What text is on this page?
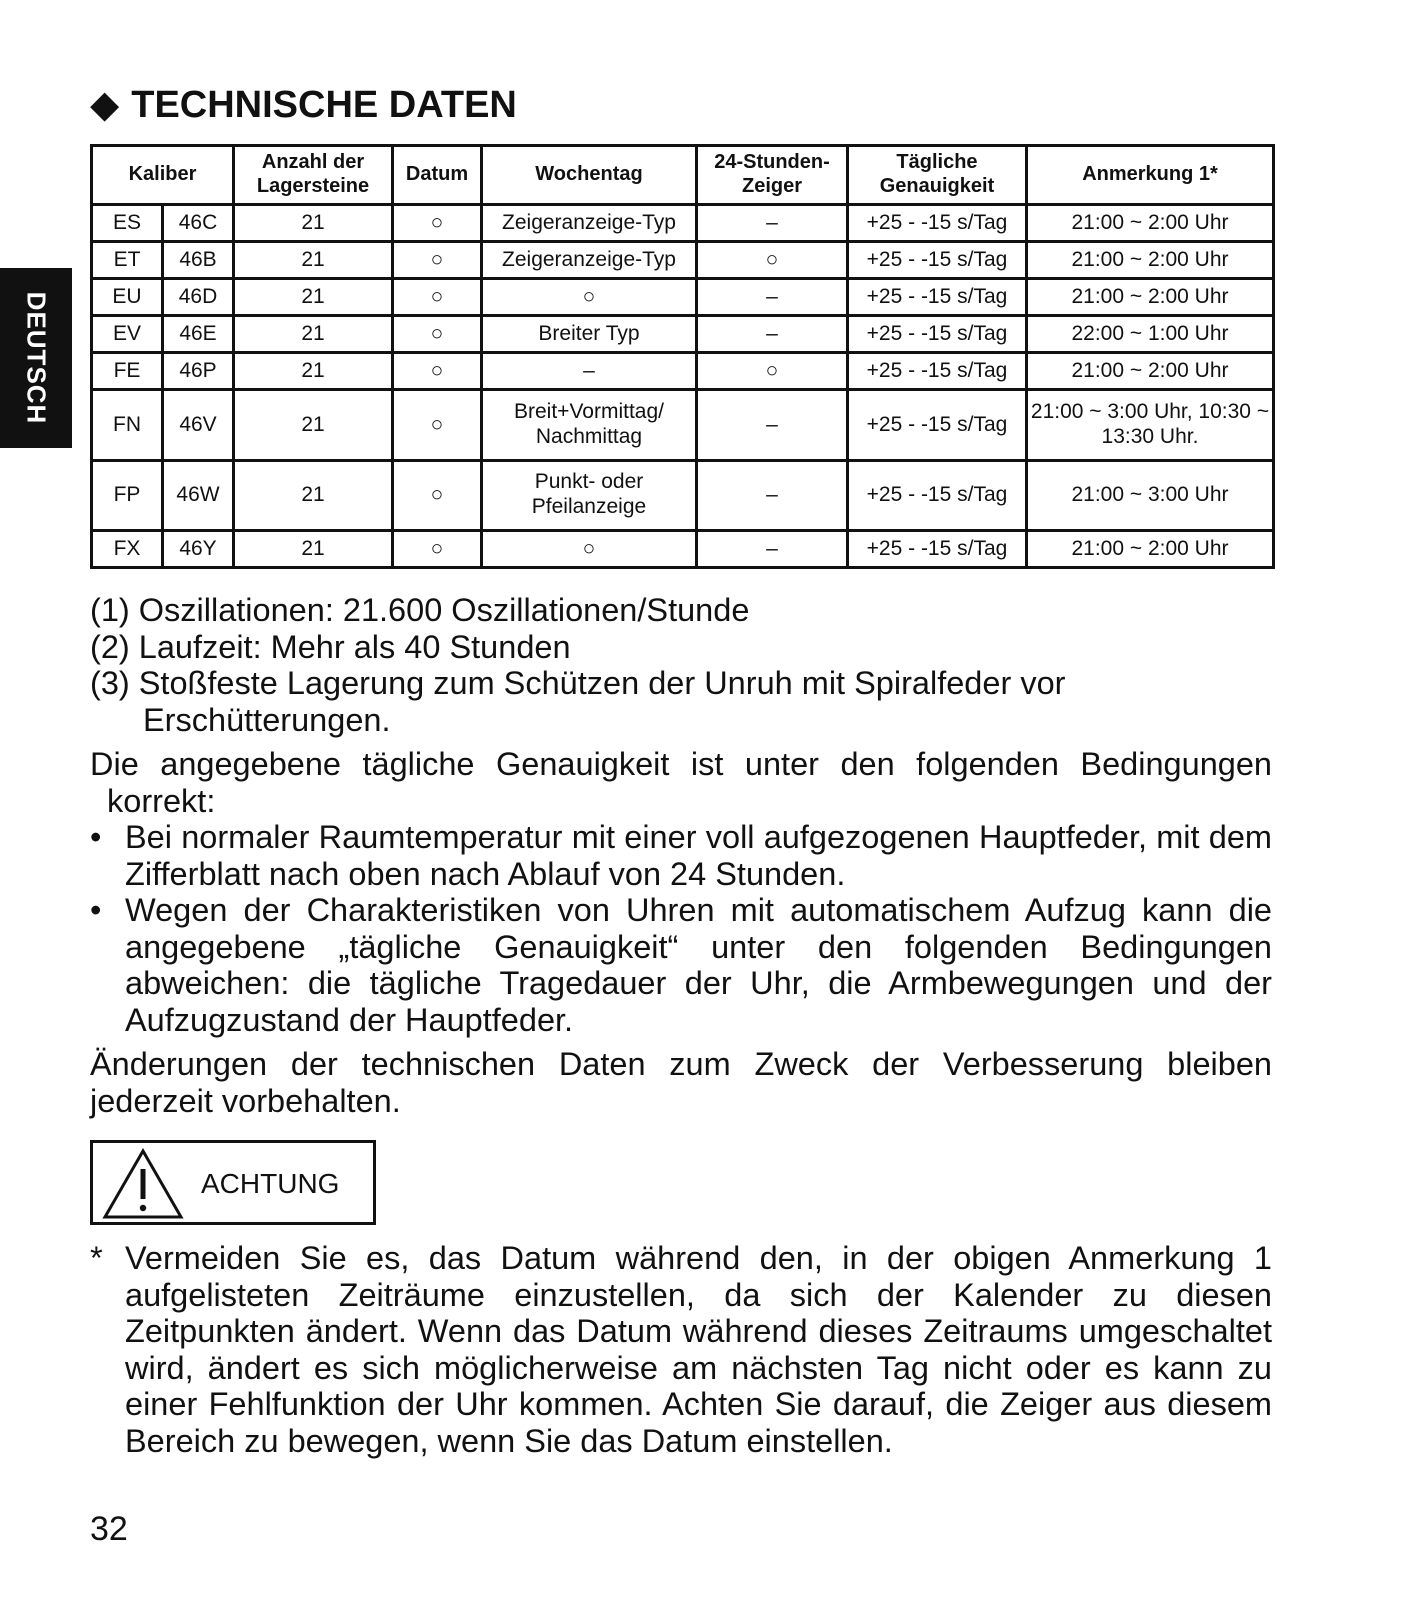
DEUTSCH
◆ TECHNISCHE DATEN
Kaliber		Anzahl der Lagersteine	Datum	Wochentag	24-Stunden-Zeiger	Tägliche Genauigkeit	Anmerkung 1*
ES	46C	21	○	Zeigeranzeige-Typ	–	+25 - -15 s/Tag	21:00 ~ 2:00 Uhr
ET	46B	21	○	Zeigeranzeige-Typ	○	+25 - -15 s/Tag	21:00 ~ 2:00 Uhr
EU	46D	21	○	○	–	+25 - -15 s/Tag	21:00 ~ 2:00 Uhr
EV	46E	21	○	Breiter Typ	–	+25 - -15 s/Tag	22:00 ~ 1:00 Uhr
FE	46P	21	○	–	○	+25 - -15 s/Tag	21:00 ~ 2:00 Uhr
FN	46V	21	○	Breit+Vormittag/ Nachmittag	–	+25 - -15 s/Tag	21:00 ~ 3:00 Uhr, 10:30 ~ 13:30 Uhr.
FP	46W	21	○	Punkt- oder Pfeilanzeige	–	+25 - -15 s/Tag	21:00 ~ 3:00 Uhr
FX	46Y	21	○	○	–	+25 - -15 s/Tag	21:00 ~ 2:00 Uhr

(1) Oszillationen: 21.600 Oszillationen/Stunde

(2) Laufzeit: Mehr als 40 Stunden

(3) Stoßfeste Lagerung zum Schützen der Unruh mit Spiralfeder vor Erschütterungen.

Die angegebene tägliche Genauigkeit ist unter den folgenden Bedingungen korrekt:

• Bei normaler Raumtemperatur mit einer voll aufgezogenen Hauptfeder, mit dem Zifferblatt nach oben nach Ablauf von 24 Stunden.

• Wegen der Charakteristiken von Uhren mit automatischem Aufzug kann die angegebene „tägliche Genauigkeit“ unter den folgenden Bedingungen abweichen: die tägliche Tragedauer der Uhr, die Armbewegungen und der Aufzugzustand der Hauptfeder.

Änderungen der technischen Daten zum Zweck der Verbesserung bleiben jederzeit vorbehalten.

ACHTUNG
* Vermeiden Sie es, das Datum während den, in der obigen Anmerkung 1 aufgelisteten Zeiträume einzustellen, da sich der Kalender zu diesen Zeitpunkten ändert. Wenn das Datum während dieses Zeitraums umgeschaltet wird, ändert es sich möglicherweise am nächsten Tag nicht oder es kann zu einer Fehlfunktion der Uhr kommen. Achten Sie darauf, die Zeiger aus diesem Bereich zu bewegen, wenn Sie das Datum einstellen.
32
